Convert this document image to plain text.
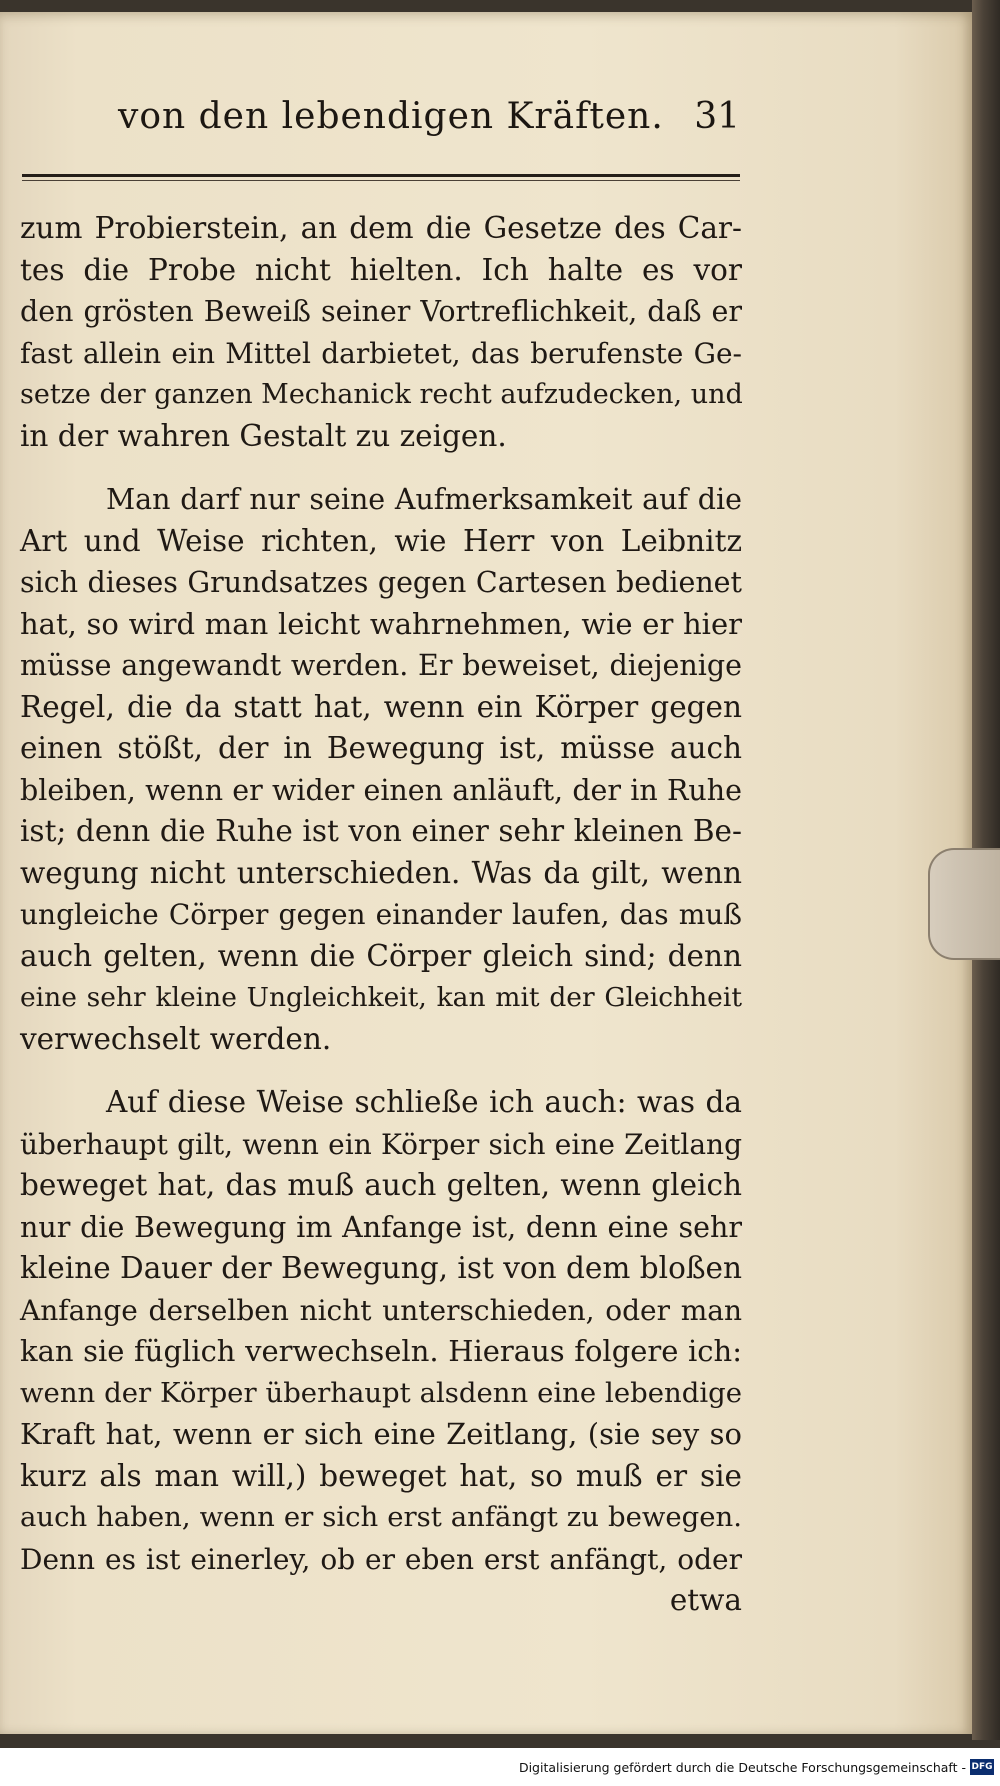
von den lebendigen Kräften. 31
zum Probierstein, an dem die Gesetze des Car-
tes die Probe nicht hielten. Ich halte es vor
den grösten Beweiß seiner Vortreflichkeit, daß er
fast allein ein Mittel darbietet, das berufenste Ge-
setze der ganzen Mechanick recht aufzudecken, und
in der wahren Gestalt zu zeigen.
Man darf nur seine Aufmerksamkeit auf die
Art und Weise richten, wie Herr von Leibnitz
sich dieses Grundsatzes gegen Cartesen bedienet
hat, so wird man leicht wahrnehmen, wie er hier
müsse angewandt werden. Er beweiset, diejenige
Regel, die da statt hat, wenn ein Körper gegen
einen stößt, der in Bewegung ist, müsse auch
bleiben, wenn er wider einen anläuft, der in Ruhe
ist; denn die Ruhe ist von einer sehr kleinen Be-
wegung nicht unterschieden. Was da gilt, wenn
ungleiche Cörper gegen einander laufen, das muß
auch gelten, wenn die Cörper gleich sind; denn
eine sehr kleine Ungleichkeit, kan mit der Gleichheit
verwechselt werden.
Auf diese Weise schließe ich auch: was da
überhaupt gilt, wenn ein Körper sich eine Zeitlang
beweget hat, das muß auch gelten, wenn gleich
nur die Bewegung im Anfange ist, denn eine sehr
kleine Dauer der Bewegung, ist von dem bloßen
Anfange derselben nicht unterschieden, oder man
kan sie füglich verwechseln. Hieraus folgere ich:
wenn der Körper überhaupt alsdenn eine lebendige
Kraft hat, wenn er sich eine Zeitlang, (sie sey so
kurz als man will,) beweget hat, so muß er sie
auch haben, wenn er sich erst anfängt zu bewegen.
Denn es ist einerley, ob er eben erst anfängt, oder
etwa
Digitalisierung gefördert durch die Deutsche Forschungsgemeinschaft - DFG
